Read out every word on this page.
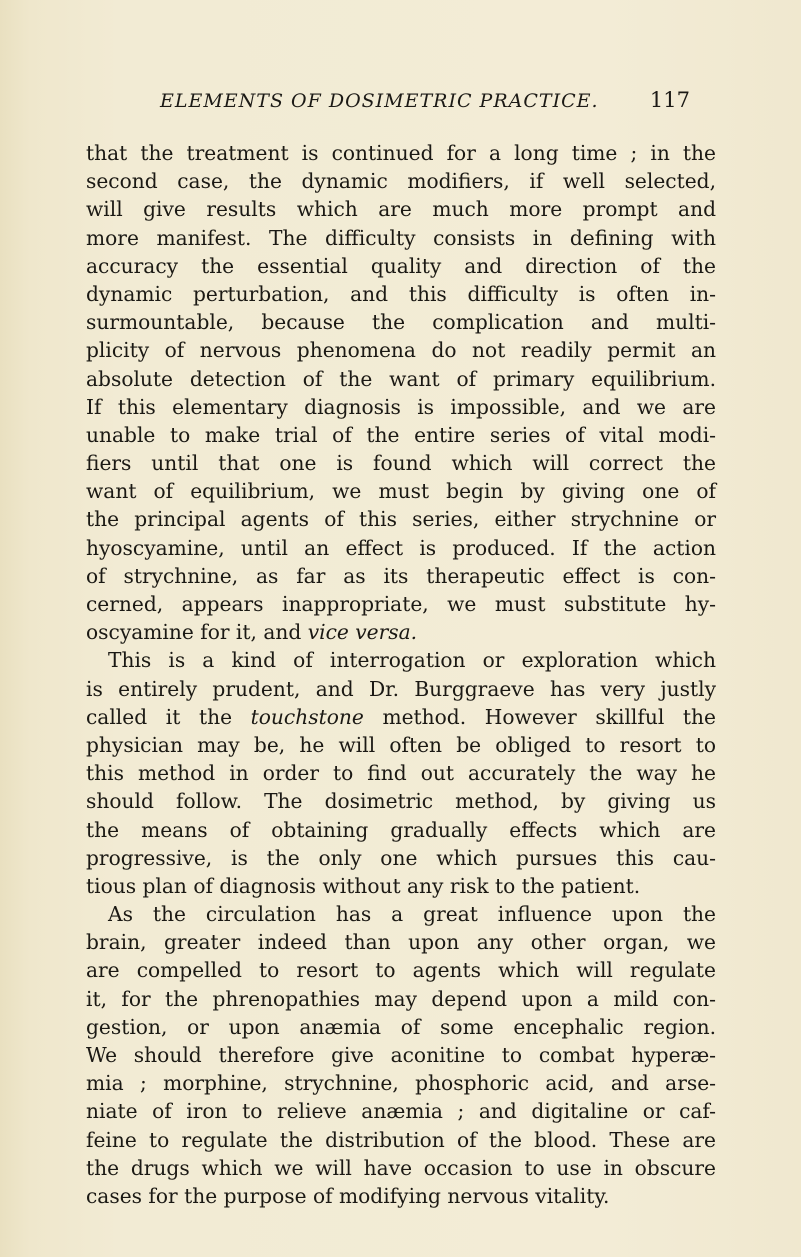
ELEMENTS OF DOSIMETRIC PRACTICE. 117
that the treatment is continued for a long time ; in the
second case, the dynamic modifiers, if well selected,
will give results which are much more prompt and
more manifest. The difficulty consists in defining with
accuracy the essential quality and direction of the
dynamic perturbation, and this difficulty is often in-
surmountable, because the complication and multi-
plicity of nervous phenomena do not readily permit an
absolute detection of the want of primary equilibrium.
If this elementary diagnosis is impossible, and we are
unable to make trial of the entire series of vital modi-
fiers until that one is found which will correct the
want of equilibrium, we must begin by giving one of
the principal agents of this series, either strychnine or
hyoscyamine, until an effect is produced. If the action
of strychnine, as far as its therapeutic effect is con-
cerned, appears inappropriate, we must substitute hy-
oscyamine for it, and vice versa.
This is a kind of interrogation or exploration which
is entirely prudent, and Dr. Burggraeve has very justly
called it the touchstone method. However skillful the
physician may be, he will often be obliged to resort to
this method in order to find out accurately the way he
should follow. The dosimetric method, by giving us
the means of obtaining gradually effects which are
progressive, is the only one which pursues this cau-
tious plan of diagnosis without any risk to the patient.
As the circulation has a great influence upon the
brain, greater indeed than upon any other organ, we
are compelled to resort to agents which will regulate
it, for the phrenopathies may depend upon a mild con-
gestion, or upon anæmia of some encephalic region.
We should therefore give aconitine to combat hyperæ-
mia ; morphine, strychnine, phosphoric acid, and arse-
niate of iron to relieve anæmia ; and digitaline or caf-
feine to regulate the distribution of the blood. These are
the drugs which we will have occasion to use in obscure
cases for the purpose of modifying nervous vitality.
